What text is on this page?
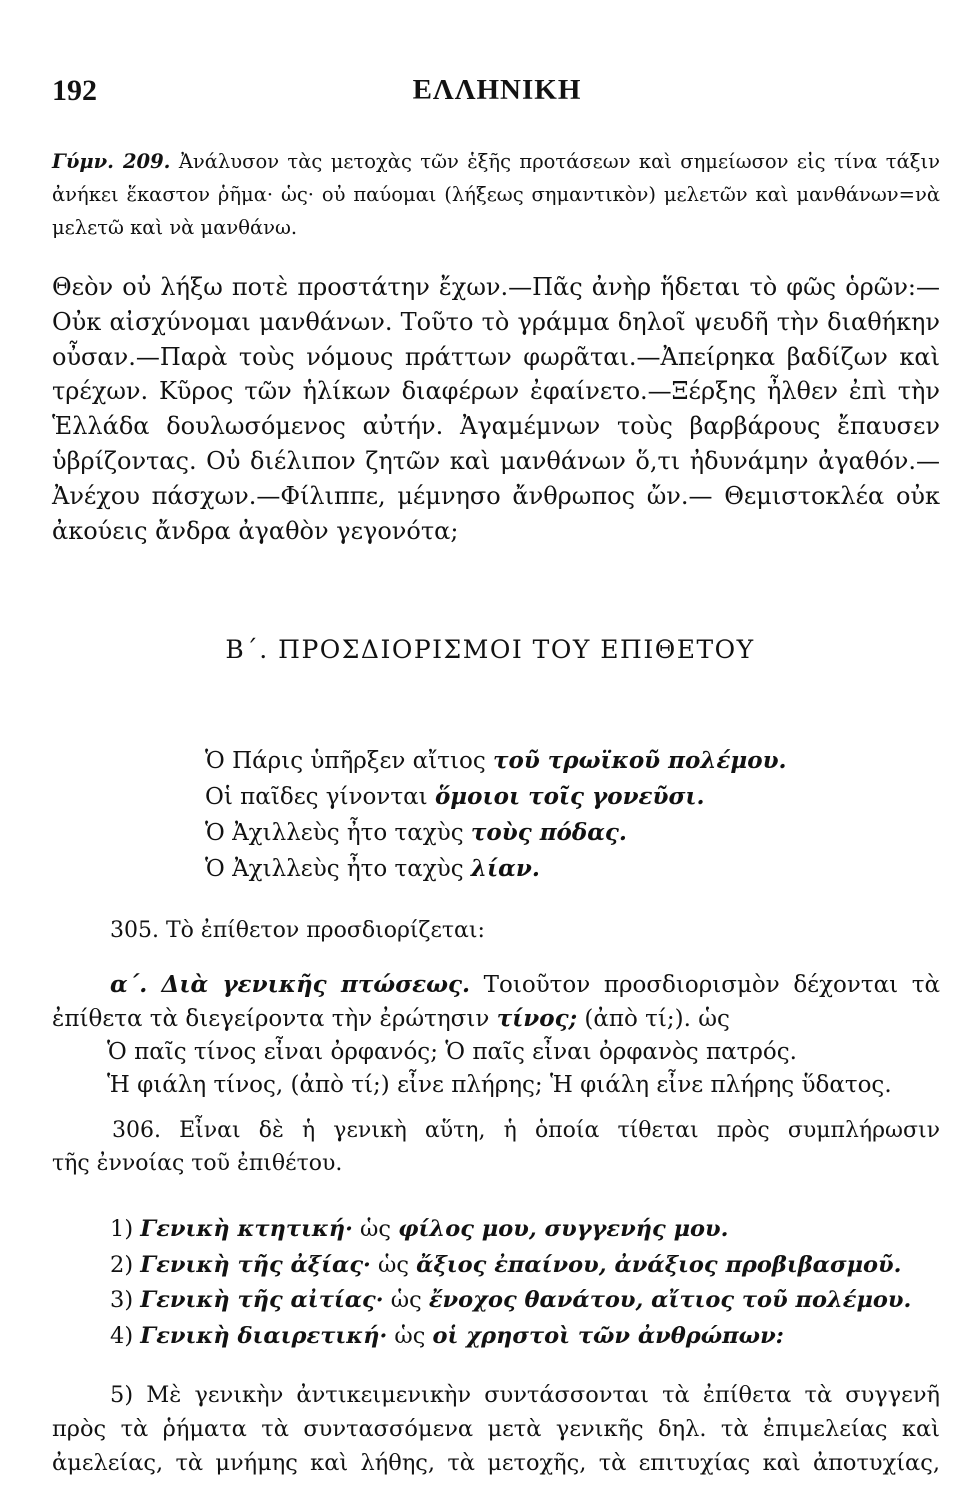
192	ΕΛΛΗΝΙΚΗ
Γύμν. 209. Ἀνάλυσον τὰς μετοχὰς τῶν ἑξῆς προτάσεων καὶ σημείωσον εἰς τίνα τάξιν ἀνήκει ἕκαστον ῥῆμα· ὡς· οὐ παύομαι (λήξεως σημαντικὸν) μελετῶν καὶ μανθάνων=νὰ μελετῶ καὶ νὰ μανθάνω.
Θεὸν οὐ λήξω ποτὲ προστάτην ἔχων.—Πᾶς ἀνὴρ ἥδεται τὸ φῶς ὁρῶν:—Οὐκ αἰσχύνομαι μανθάνων. Τοῦτο τὸ γράμμα δηλοῖ ψευδῆ τὴν διαθήκην οὖσαν.—Παρὰ τοὺς νόμους πράττων φωρᾶται.—Ἀπείρηκα βαδίζων καὶ τρέχων. Κῦρος τῶν ἡλίκων διαφέρων ἐφαίνετο.—Ξέρξης ἦλθεν ἐπὶ τὴν Ἑλλάδα δουλωσόμενος αὐτήν. Ἀγαμέμνων τοὺς βαρβάρους ἔπαυσεν ὑβρίζοντας. Οὐ διέλιπον ζητῶν καὶ μανθάνων ὅ,τι ἠδυνάμην ἀγαθόν.—Ἀνέχου πάσχων.—Φίλιππε, μέμνησο ἄνθρωπος ὤν.— Θεμιστοκλέα οὐκ ἀκούεις ἄνδρα ἀγαθὸν γεγονότα;
Β΄. ΠΡΟΣΔΙΟΡΙΣΜΟΙ ΤΟΥ ΕΠΙΘΕΤΟΥ
Ὁ Πάρις ὑπῆρξεν αἴτιος τοῦ τρωϊκοῦ πολέμου.
Οἱ παῖδες γίνονται ὅμοιοι τοῖς γονεῦσι.
Ὁ Ἀχιλλεὺς ἦτο ταχὺς τοὺς πόδας.
Ὁ Ἀχιλλεὺς ἦτο ταχὺς λίαν.
305. Τὸ ἐπίθετον προσδιορίζεται:
α΄. Διὰ γενικῆς πτώσεως. Τοιοῦτον προσδιορισμὸν δέχονται τὰ
ἐπίθετα τὰ διεγείροντα τὴν ἐρώτησιν τίνος; (ἀπὸ τί;). ὡς
Ὁ παῖς τίνος εἶναι ὀρφανός; Ὁ παῖς εἶναι ὀρφανὸς πατρός.
Ἡ φιάλη τίνος, (ἀπὸ τί;) εἶνε πλήρης; Ἡ φιάλη εἶνε πλήρης ὕδατος.
306. Εἶναι δὲ ἡ γενικὴ αὕτη, ἡ ὁποία τίθεται πρὸς συμπλήρωσιν
τῆς ἐννοίας τοῦ ἐπιθέτου.
1) Γενικὴ κτητική· ὡς φίλος μου, συγγενής μου.
2) Γενικὴ τῆς ἀξίας· ὡς ἄξιος ἐπαίνου, ἀνάξιος προβιβασμοῦ.
3) Γενικὴ τῆς αἰτίας· ὡς ἔνοχος θανάτου, αἴτιος τοῦ πολέμου.
4) Γενικὴ διαιρετική· ὡς οἱ χρηστοὶ τῶν ἀνθρώπων:
5) Μὲ γενικὴν ἀντικειμενικὴν συντάσσονται τὰ ἐπίθετα τὰ συγγενῆ
πρὸς τὰ ῥήματα τὰ συντασσόμενα μετὰ γενικῆς δηλ. τὰ ἐπιμελείας καὶ
ἀμελείας, τὰ μνήμης καὶ λήθης, τὰ μετοχῆς, τὰ επιτυχίας καὶ ἀποτυχίας,
